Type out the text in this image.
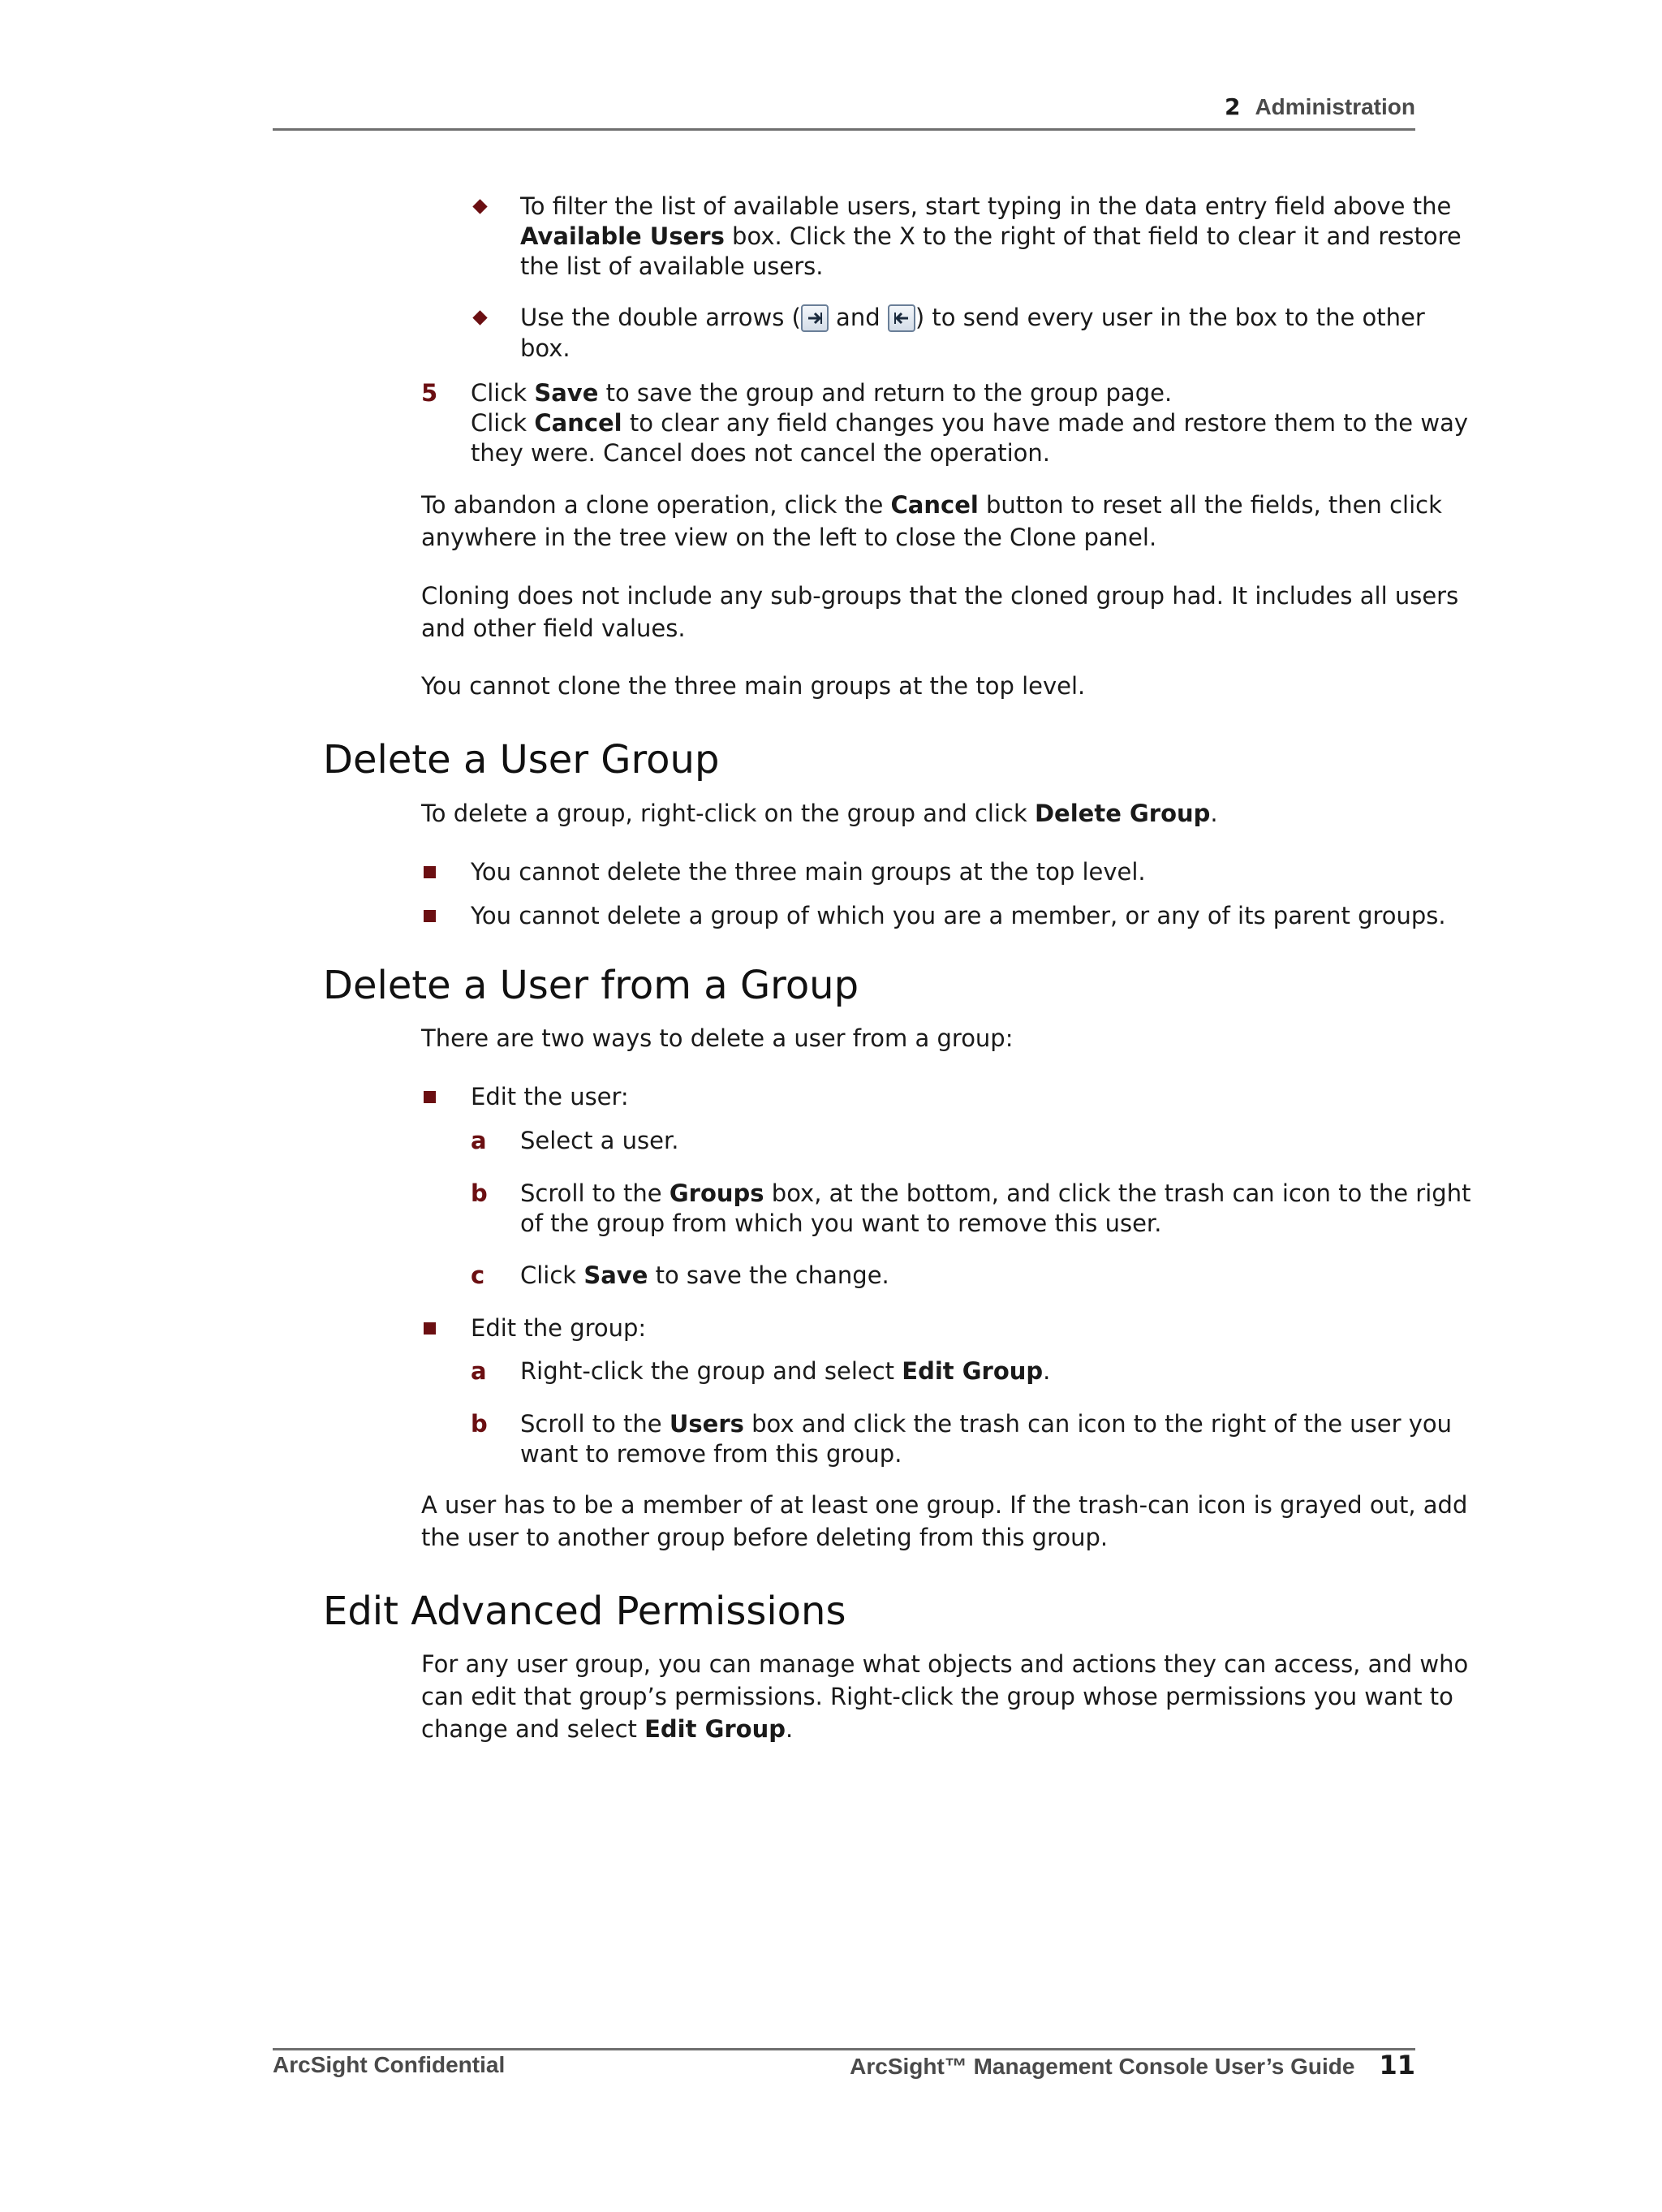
2 Administration
To filter the list of available users, start typing in the data entry field above the
Available Users box. Click the X to the right of that field to clear it and restore
the list of available users.
Use the double arrows (
and
) to send every user in the box to the other
box.
5 Click Save to save the group and return to the group page.
Click Cancel to clear any field changes you have made and restore them to the way
they were. Cancel does not cancel the operation.
To abandon a clone operation, click the Cancel button to reset all the fields, then click
anywhere in the tree view on the left to close the Clone panel.
Cloning does not include any sub-groups that the cloned group had. It includes all users
and other field values.
You cannot clone the three main groups at the top level.
Delete a User Group
To delete a group, right-click on the group and click Delete Group.
You cannot delete the three main groups at the top level.
You cannot delete a group of which you are a member, or any of its parent groups.
Delete a User from a Group
There are two ways to delete a user from a group:
Edit the user:
a Select a user.
b Scroll to the Groups box, at the bottom, and click the trash can icon to the right
of the group from which you want to remove this user.
c Click Save to save the change.
Edit the group:
a Right-click the group and select Edit Group.
b Scroll to the Users box and click the trash can icon to the right of the user you
want to remove from this group.
A user has to be a member of at least one group. If the trash-can icon is grayed out, add
the user to another group before deleting from this group.
Edit Advanced Permissions
For any user group, you can manage what objects and actions they can access, and who
can edit that group’s permissions. Right-click the group whose permissions you want to
change and select Edit Group.
ArcSight Confidential	ArcSight™ Management Console User’s Guide 11
